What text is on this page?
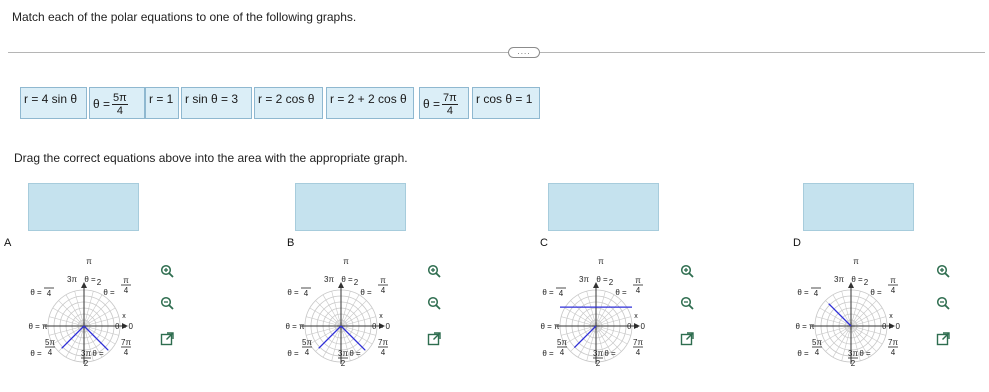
Match each of the polar equations to one of the following graphs.
....
r = 4 sin θ $\theta = \frac{5\pi}{4}$ r = 1 r sin θ = 3 r = 2 cos θ r = 2 + 2 cos θ $\theta = \frac{7\pi}{4}$ r cos θ = 1
Drag the correct equations above into the area with the appropriate graph.
A	B	C	D
π
3π θ = 2
θ = 4	θ =
π
4
θ = π	θ = 0
x
θ =
5π
4	θ =
3π
2
7π
4
π
3π θ = 2
θ = 4	θ =
π
4
θ = π	θ = 0
x
θ =
5π
4	θ =
3π
2
7π
4
π
3π θ = 2
θ = 4	θ =
π
4
θ = π	θ = 0
x
θ =
5π
4	θ =
3π
2
7π
4
π
3π θ = 2
θ = 4	θ =
π
4
θ = π	θ = 0
x
θ =
5π
4	θ =
3π
2
7π
4
